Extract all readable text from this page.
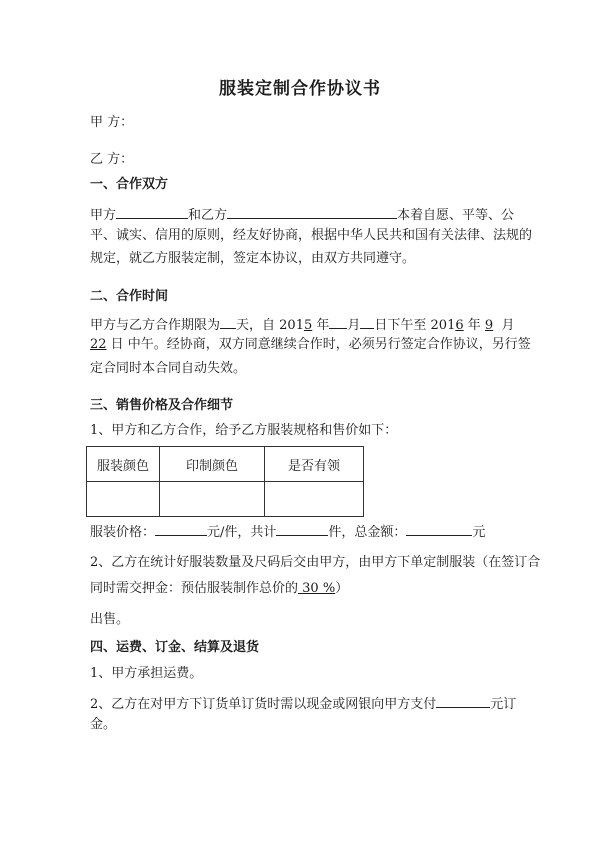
服装定制合作协议书
甲 方：
乙 方：
一、合作双方
甲方	和乙方	本着自愿、平等、公
平、诚实、信用的原则，经友好协商，根据中华人民共和国有关法律、法规的
规定，就乙方服装定制，签定本协议，由双方共同遵守。
二、合作时间
甲方与乙方合作期限为 天，自 2015 年 月 日下午至 2016 年 9 月
22 日 中午。经协商，双方同意继续合作时，必须另行签定合作协议，另行签
定合同时本合同自动失效。
三、销售价格及合作细节
1、甲方和乙方合作，给予乙方服装规格和售价如下：
服装颜色	印制颜色	是否有领

服装价格：	元/件，共计	件，总金额：	元
2、乙方在统计好服装数量及尺码后交由甲方，由甲方下单定制服装（在签订合
同时需交押金：预估服装制作总价的 30 %）
出售。
四、运费、订金、结算及退货
1、甲方承担运费。
2、乙方在对甲方下订货单订货时需以现金或网银向甲方支付	元订
金。
